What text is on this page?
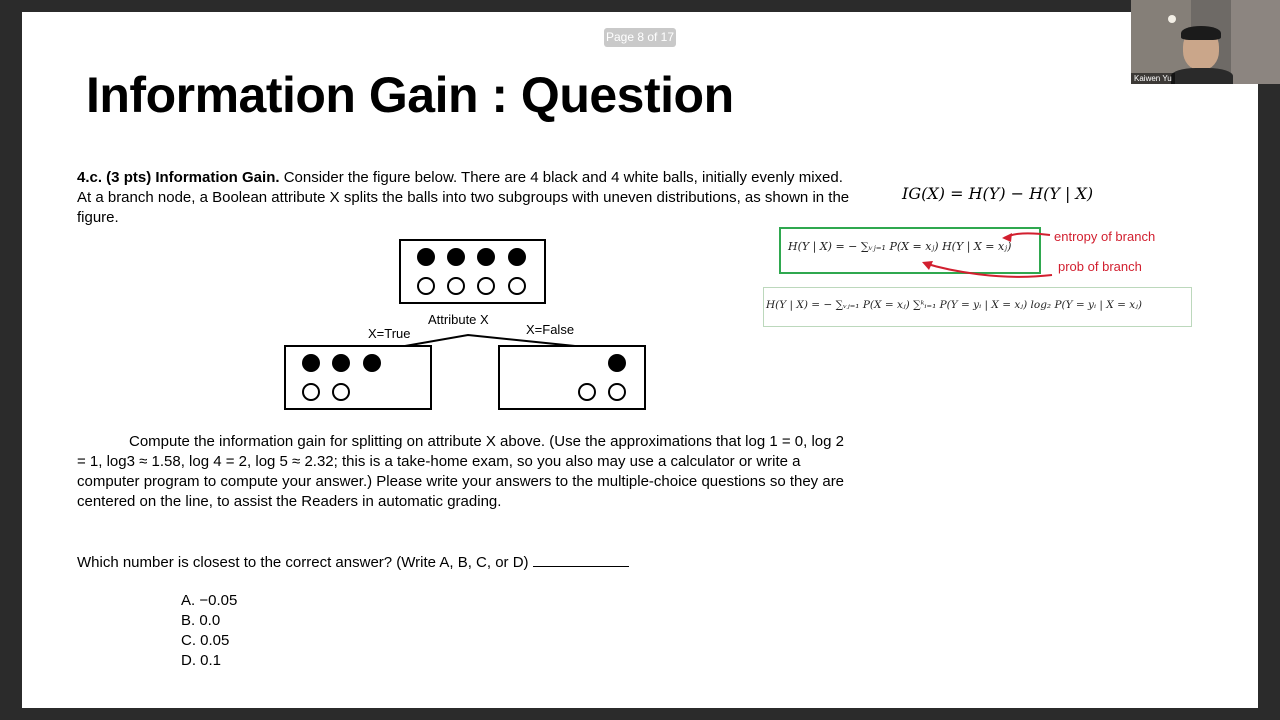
Page 8 of 17
Information Gain : Question
4.c. (3 pts) Information Gain. Consider the figure below. There are 4 black and 4 white balls, initially evenly mixed. At a branch node, a Boolean attribute X splits the balls into two subgroups with uneven distributions, as shown in the figure.
Attribute X
X=True	X=False
Compute the information gain for splitting on attribute X above. (Use the approximations that log 1 = 0, log 2 = 1, log3 ≈ 1.58, log 4 = 2, log 5 ≈ 2.32; this is a take-home exam, so you also may use a calculator or write a computer program to compute your answer.) Please write your answers to the multiple-choice questions so they are centered on the line, to assist the Readers in automatic grading.
Which number is closest to the correct answer? (Write A, B, C, or D)
A. −0.05
B. 0.0
C. 0.05
D. 0.1
IG(X) = H(Y) − H(Y | X)
H(Y | X) = − ∑ᵥⱼ₌₁ P(X = xⱼ) H(Y | X = xⱼ)
entropy of branch
prob of branch
H(Y | X) = − ∑ᵥⱼ₌₁ P(X = xⱼ) ∑ᵏᵢ₌₁ P(Y = yᵢ | X = xⱼ) log₂ P(Y = yᵢ | X = xⱼ)
Kaiwen Yu
